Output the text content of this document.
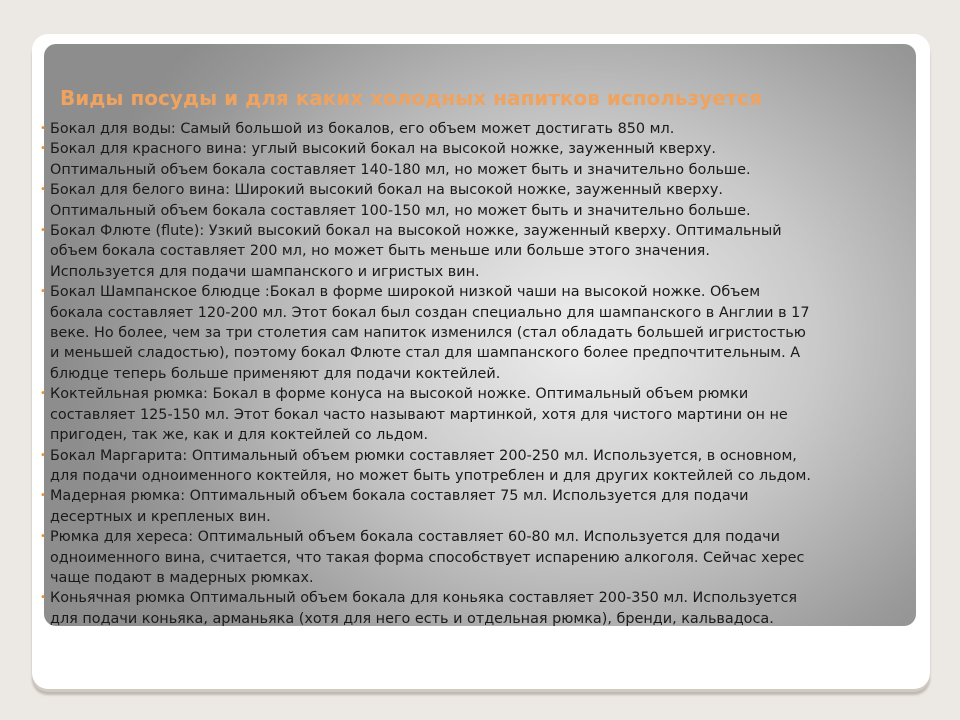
Виды посуды и для каких холодных напитков используется
• Бокал для воды: Самый большой из бокалов, его объем может достигать 850 мл.
• Бокал для красного вина: углый высокий бокал на высокой ножке, зауженный кверху.
Оптимальный объем бокала составляет 140-180 мл, но может быть и значительно больше.
• Бокал для белого вина: Широкий высокий бокал на высокой ножке, зауженный кверху.
Оптимальный объем бокала составляет 100-150 мл, но может быть и значительно больше.
• Бокал Флюте (flute): Узкий высокий бокал на высокой ножке, зауженный кверху. Оптимальный
объем бокала составляет 200 мл, но может быть меньше или больше этого значения.
Используется для подачи шампанского и игристых вин.
• Бокал Шампанское блюдце :Бокал в форме широкой низкой чаши на высокой ножке. Объем
бокала составляет 120-200 мл. Этот бокал был создан специально для шампанского в Англии в 17
веке. Но более, чем за три столетия сам напиток изменился (стал обладать большей игристостью
и меньшей сладостью), поэтому бокал Флюте стал для шампанского более предпочтительным. А
блюдце теперь больше применяют для подачи коктейлей.
• Коктейльная рюмка: Бокал в форме конуса на высокой ножке. Оптимальный объем рюмки
составляет 125-150 мл. Этот бокал часто называют мартинкой, хотя для чистого мартини он не
пригоден, так же, как и для коктейлей со льдом.
• Бокал Маргарита: Оптимальный объем рюмки составляет 200-250 мл. Используется, в основном,
для подачи одноименного коктейля, но может быть употреблен и для других коктейлей со льдом.
• Мадерная рюмка: Оптимальный объем бокала составляет 75 мл. Используется для подачи
десертных и крепленых вин.
• Рюмка для хереса: Оптимальный объем бокала составляет 60-80 мл. Используется для подачи
одноименного вина, считается, что такая форма способствует испарению алкоголя. Сейчас херес
чаще подают в мадерных рюмках.
• Коньячная рюмка Оптимальный объем бокала для коньяка составляет 200-350 мл. Используется
для подачи коньяка, арманьяка (хотя для него есть и отдельная рюмка), бренди, кальвадоса.
